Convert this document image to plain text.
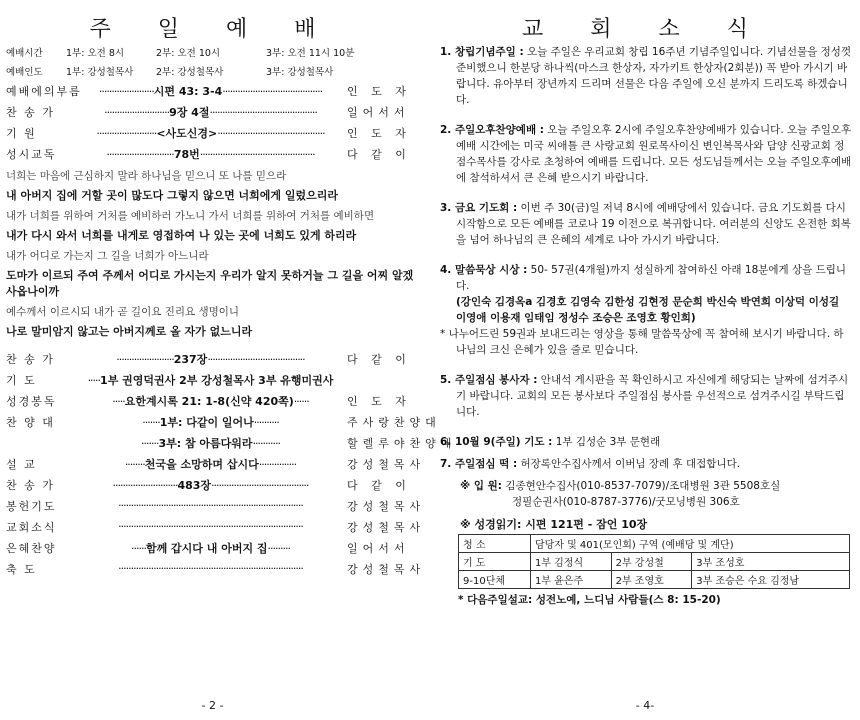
주 일 예 배
예배시간	1부: 오전 8시	2부: 오전 10시	3부: 오전 11시 10분
예배인도	1부: 강성철목사	2부: 강성철목사	3부: 강성철목사
예배에의부름	······················시편 43: 3-4········································	인 도 자
찬 송 가	··························9장 4절···········································	일어서서
기 원	························<사도신경>···········································	인 도 자
성시교독	···························78번··············································	다 같 이
너희는 마음에 근심하지 말라 하나님을 믿으니 또 나를 믿으라
내 아버지 집에 거할 곳이 많도다 그렇지 않으면 너희에게 일렀으리라
내가 너희를 위하여 거처를 예비하러 가노니 가서 너희를 위하여 거처를 예비하면
내가 다시 와서 너희를 내게로 영접하여 나 있는 곳에 너희도 있게 하리라
내가 어디로 가는지 그 길을 너희가 아느니라
도마가 이르되 주여 주께서 어디로 가시는지 우리가 알지 못하거늘 그 길을 어찌 알겠사옵나이까
예수께서 이르시되 내가 곧 길이요 진리요 생명이니
나로 말미암지 않고는 아버지께로 올 자가 없느니라
찬 송 가	·······················237장·······································	다 같 이
기 도	·····1부 권영덕권사 2부 강성철목사 3부 유행미권사
성경봉독	·····요한계시록 21: 1-8(신약 420쪽)······	인 도 자
찬 양 대	·······1부: 다같이 일어나··········	주사랑찬양대
·······3부: 참 아름다워라···········	할렐루야찬양대
설 교	········천국을 소망하며 삽시다···············	강성철목사
찬 송 가	··························483장·······································	다 같 이
봉헌기도	··········································································	강성철목사
교회소식	··········································································	강성철목사
은혜찬양	······함께 갑시다 내 아버지 집·········	일어서서
축 도	··········································································	강성철목사
- 2 -
교 회 소 식
1. 창립기념주일 : 오늘 주일은 우리교회 창립 16주년 기념주일입니다. 기념선물을 정성껏 준비했으니 한분당 하나씩(마스크 한상자, 자가키트 한상자(2회분)) 꼭 받아 가시기 바랍니다. 유아부터 장년까지 드리며 선물은 다음 주일에 오신 분까지 드리도록 하겠습니다.
2. 주일오후찬양예배 : 오늘 주일오후 2시에 주일오후찬양예배가 있습니다. 오늘 주일오후예배 시간에는 미국 씨애틀 큰 사랑교회 원로목사이신 변인복목사와 담양 신광교회 정점수목사를 강사로 초청하여 예배를 드립니다. 모든 성도님들께서는 오늘 주일오후예배에 참석하셔서 큰 은혜 받으시기 바랍니다.
3. 금요 기도회 : 이번 주 30(금)일 저녁 8시에 예배당에서 있습니다. 금요 기도회를 다시 시작함으로 모든 예배를 코로나 19 이전으로 복귀합니다. 여러분의 신앙도 온전한 회복을 넘어 하나님의 큰 은혜의 세계로 나아 가시기 바랍니다.
4. 말씀묵상 시상 : 50- 57권(4개월)까지 성실하게 참여하신 아래 18분에게 상을 드립니다.
(강인숙 김경옥a 김경호 김영숙 김한성 김현정 문순희 박신숙 박연희 이상덕 이성길 이영애 이용재 임태임 정성수 조승은 조영호 황인희)
* 나누어드린 59권과 보내드리는 영상을 통해 말씀묵상에 꼭 참여해 보시기 바랍니다. 하나님의 크신 은혜가 있을 줄로 믿습니다.
5. 주일점심 봉사자 : 안내석 게시판을 꼭 확인하시고 자신에게 해당되는 날짜에 섬겨주시기 바랍니다. 교회의 모든 봉사보다 주일점심 봉사를 우선적으로 섬겨주시길 부탁드립니다.
6. 10월 9(주일) 기도 : 1부 김성순 3부 문현래
7. 주일점심 떡 : 허장록안수집사께서 이버님 장례 후 대접합니다.
※ 입 원: 김종현안수집사(010-8537-7079)/조대병원 3관 5508호실
정필순권사(010-8787-3776)/굿모닝병원 306호
※ 성경읽기: 시편 121편 - 잠언 10장
청 소	담당자 및 401(모인회) 구역 (예배당 및 계단)		
기 도	1부 김정식	2부 강성철	3부 조성호
9-10단체	1부 윤은주	2부 조영호	3부 조승은 수요 김정남
* 다음주일설교: 성전노예, 느디님 사람들(스 8: 15-20)
- 4-
